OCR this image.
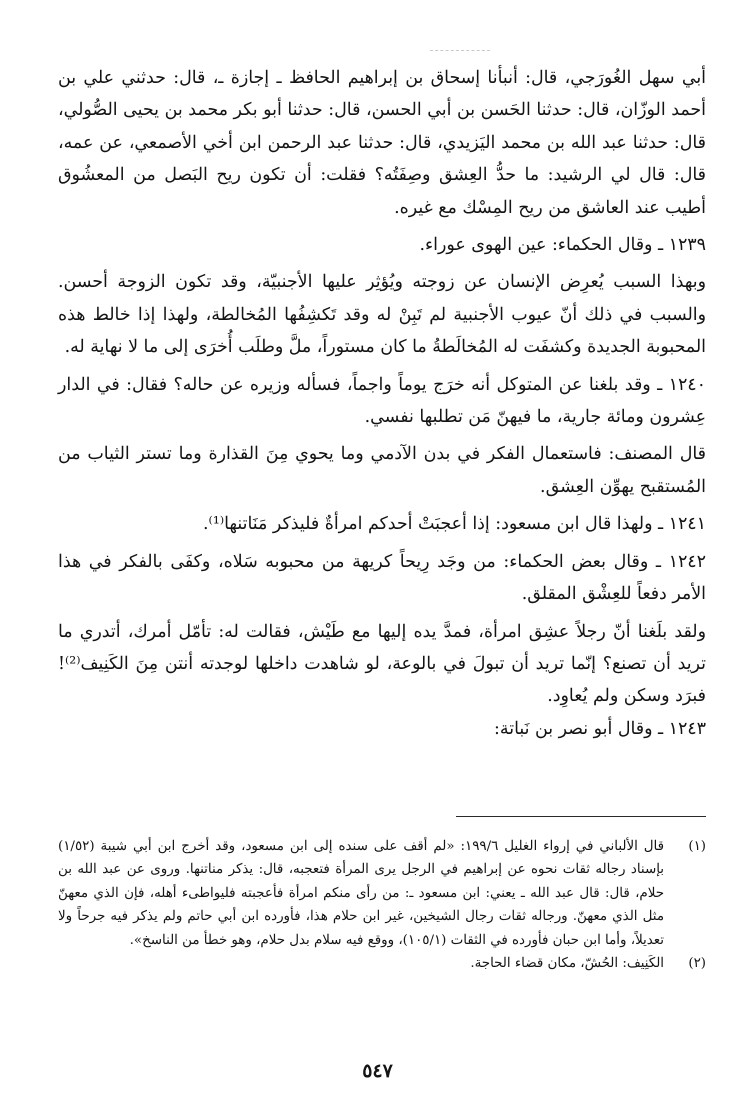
أبي سهل الغُورَجي، قال: أنبأنا إسحاق بن إبراهيم الحافظ ـ إجازة ـ، قال: حدثني علي بن أحمد الوزّان، قال: حدثنا الحَسن بن أبي الحسن، قال: حدثنا أبو بكر محمد بن يحيى الصُّولي، قال: حدثنا عبد الله بن محمد اليَزيدي، قال: حدثنا عبد الرحمن ابن أخي الأصمعي، عن عمه، قال: قال لي الرشيد: ما حدُّ العِشق وصِفَتُه؟ فقلت: أن تكون ريح البَصل من المعشُوق أطيب عند العاشق من ريح المِسْك مع غيره.

١٢٣٩ ـ وقال الحكماء: عين الهوى عوراء.

وبهذا السبب يُعرِض الإنسان عن زوجته ويُؤثِر عليها الأجنبيّة، وقد تكون الزوجة أحسن. والسبب في ذلك أنّ عيوب الأجنبية لم تَبِنْ له وقد تَكشِفُها المُخالطة، ولهذا إذا خالط هذه المحبوبة الجديدة وكشفَت له المُخالَطةُ ما كان مستوراً، ملَّ وطلَب أُخرَى إلى ما لا نهاية له.

١٢٤٠ ـ وقد بلغنا عن المتوكل أنه خرَج يوماً واجماً، فسأله وزيره عن حاله؟ فقال: في الدار عِشرون ومائة جارية، ما فيهنّ مَن تطلبها نفسي.

قال المصنف: فاستعمال الفكر في بدن الآدمي وما يحوي مِنَ القذارة وما تستر الثياب من المُستقبح يهوِّن العِشق.

١٢٤١ ـ ولهذا قال ابن مسعود: إذا أعجبَتْ أحدكم امرأةٌ فليذكر مَنَاتنها⁽¹⁾.

١٢٤٢ ـ وقال بعض الحكماء: من وجَد رِيحاً كريهة من محبوبه سَلاه، وكفَى بالفكر في هذا الأمر دفعاً للعِشْق المقلق.

ولقد بلَغنا أنّ رجلاً عشِق امرأة، فمدَّ يده إليها مع طَيْش، فقالت له: تأمّل أمرك، أتدري ما تريد أن تصنع؟ إنّما تريد أن تبولَ في بالوعة، لو شاهدت داخلها لوجدته أنتن مِنَ الكَنِيف⁽²⁾! فبرَد وسكن ولم يُعاوِد.

١٢٤٣ ـ وقال أبو نصر بن نَباتة:

(١)
قال الألباني في إرواء الغليل ١٩٩/٦: «لم أقف على سنده إلى ابن مسعود، وقد أخرج ابن أبي شيبة (١/٥٢) بإسناد رجاله ثقات نحوه عن إبراهيم في الرجل يرى المرأة فتعجبه، قال: يذكر مناتنها. وروى عن عبد الله بن حلام، قال: قال عبد الله ـ يعني: ابن مسعود ـ: من رأى منكم امرأة فأعجبته فليواطىء أهله، فإن الذي معهنّ مثل الذي معهنّ. ورجاله ثقات رجال الشيخين، غير ابن حلام هذا، فأورده ابن أبي حاتم ولم يذكر فيه جرحاً ولا تعديلاً، وأما ابن حبان فأورده في الثقات (١٠٥/١)، ووقع فيه سلام بدل حلام، وهو خطأ من الناسخ».
(٢)
الكَنِيف: الحُشّ، مكان قضاء الحاجة.
٥٤٧
